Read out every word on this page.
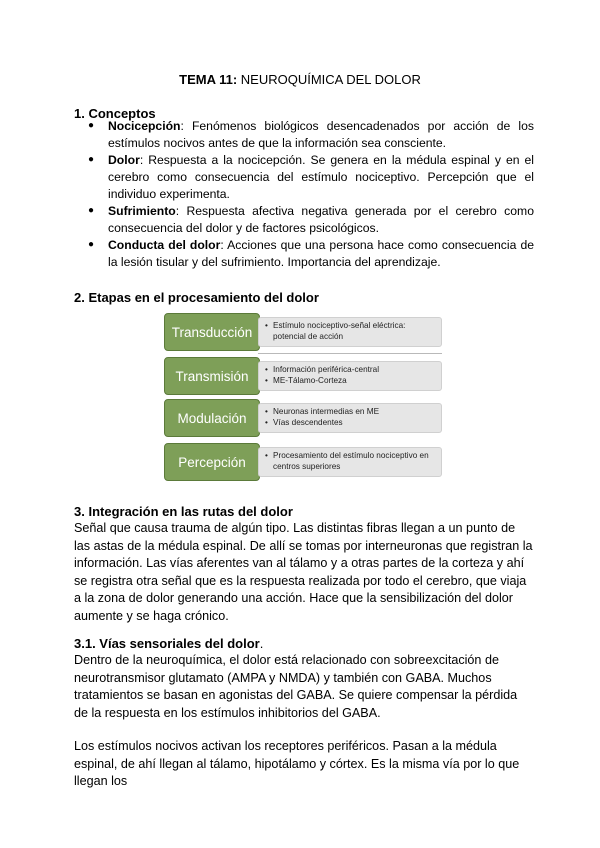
TEMA 11: NEUROQUÍMICA DEL DOLOR
1. Conceptos
● Nocicepción: Fenómenos biológicos desencadenados por acción de los estímulos nocivos antes de que la información sea consciente.
● Dolor: Respuesta a la nocicepción. Se genera en la médula espinal y en el cerebro como consecuencia del estímulo nociceptivo. Percepción que el individuo experimenta.
● Sufrimiento: Respuesta afectiva negativa generada por el cerebro como consecuencia del dolor y de factores psicológicos.
● Conducta del dolor: Acciones que una persona hace como consecuencia de la lesión tisular y del sufrimiento. Importancia del aprendizaje.
2. Etapas en el procesamiento del dolor
Transducción	• Estímulo nociceptivo-señal eléctrica: potencial de acción
Transmisión	• Información periférica-central
• ME-Tálamo-Corteza
Modulación	• Neuronas intermedias en ME
• Vías descendentes
Percepción	• Procesamiento del estímulo nociceptivo en centros superiores
3. Integración en las rutas del dolor

Señal que causa trauma de algún tipo. Las distintas fibras llegan a un punto de las astas de la médula espinal. De allí se tomas por interneuronas que registran la información. Las vías aferentes van al tálamo y a otras partes de la corteza y ahí se registra otra señal que es la respuesta realizada por todo el cerebro, que viaja a la zona de dolor generando una acción. Hace que la sensibilización del dolor aumente y se haga crónico.

3.1. Vías sensoriales del dolor.

Dentro de la neuroquímica, el dolor está relacionado con sobreexcitación de neurotransmisor glutamato (AMPA y NMDA) y también con GABA. Muchos tratamientos se basan en agonistas del GABA. Se quiere compensar la pérdida de la respuesta en los estímulos inhibitorios del GABA.

Los estímulos nocivos activan los receptores periféricos. Pasan a la médula espinal, de ahí llegan al tálamo, hipotálamo y córtex. Es la misma vía por lo que llegan los
